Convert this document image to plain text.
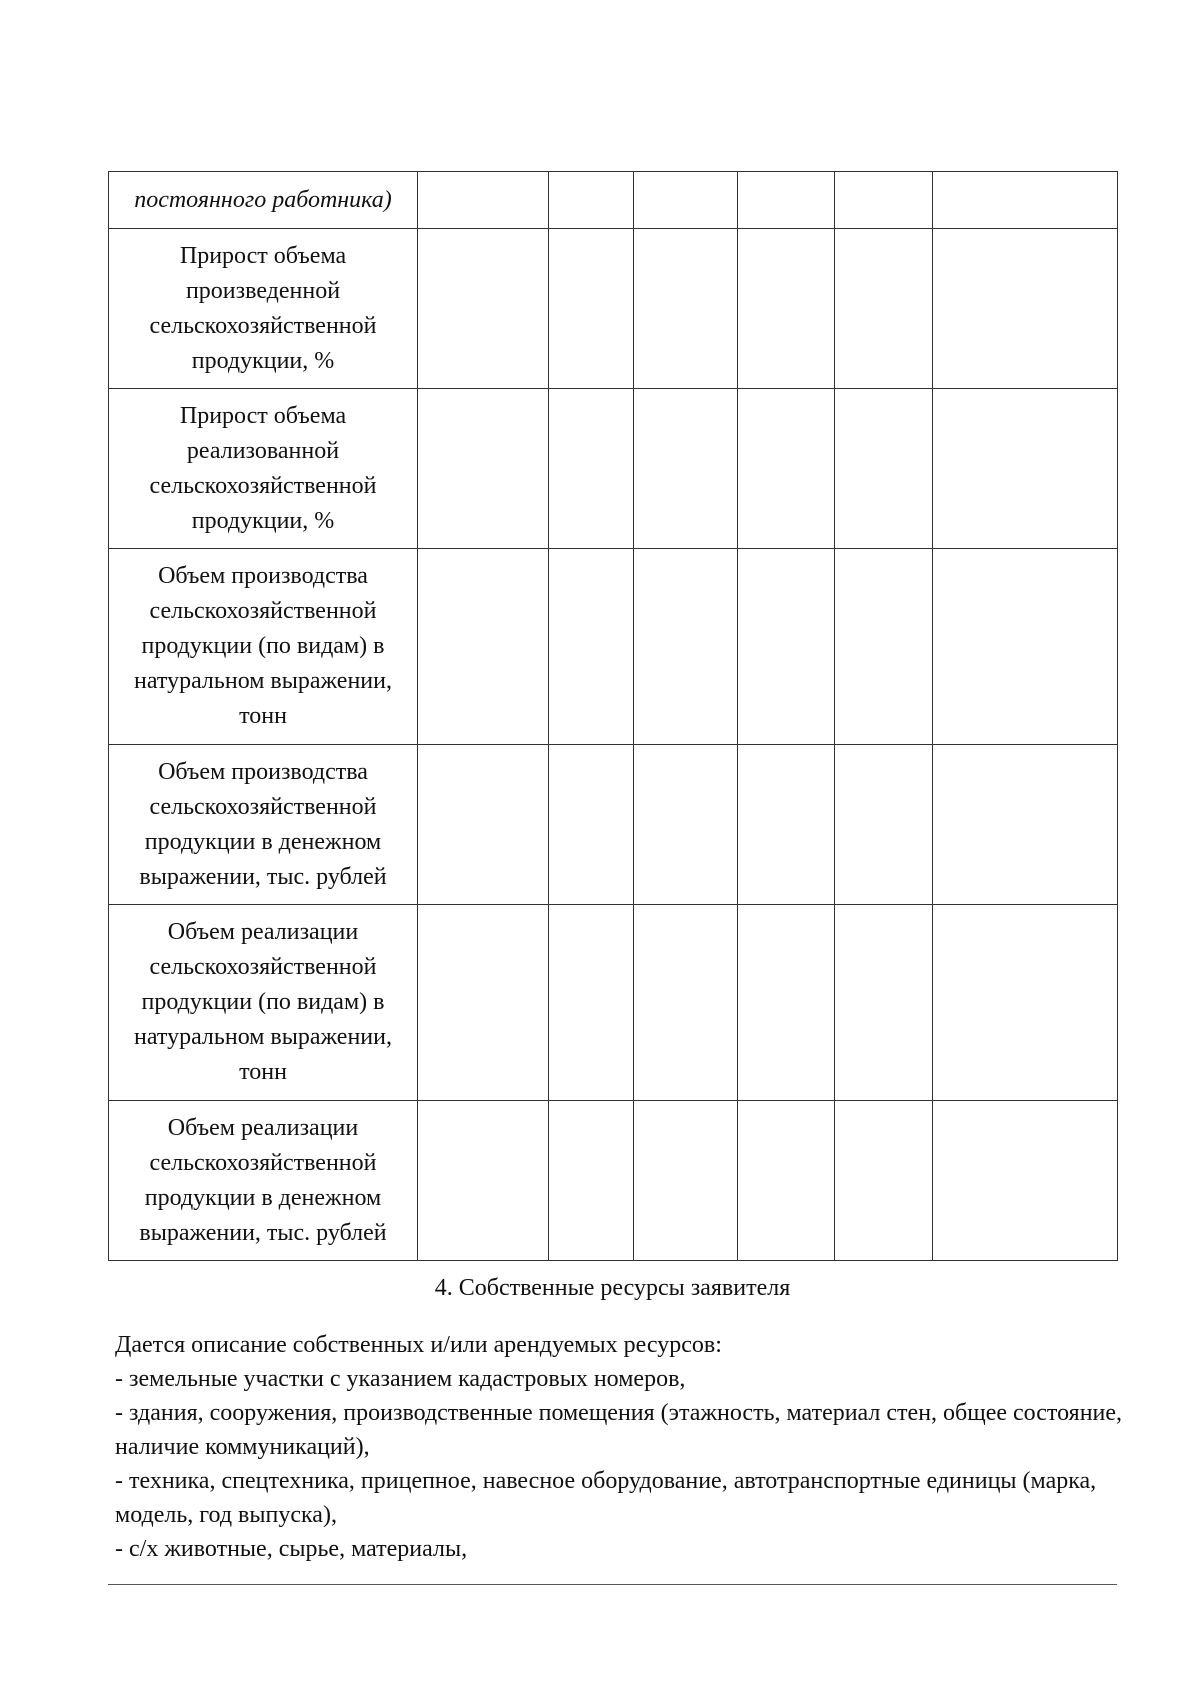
постоянного работника)						
Прирост объема произведенной сельскохозяйственной продукции, %						
Прирост объема реализованной сельскохозяйственной продукции, %						
Объем производства сельскохозяйственной продукции (по видам) в натуральном выражении, тонн						
Объем производства сельскохозяйственной продукции в денежном выражении, тыс. рублей						
Объем реализации сельскохозяйственной продукции (по видам) в натуральном выражении, тонн						
Объем реализации сельскохозяйственной продукции в денежном выражении, тыс. рублей						
4. Собственные ресурсы заявителя

Дается описание собственных и/или арендуемых ресурсов:

- земельные участки с указанием кадастровых номеров,

- здания, сооружения, производственные помещения (этажность, материал стен, общее состояние, наличие коммуникаций),

- техника, спецтехника, прицепное, навесное оборудование, автотранспортные единицы (марка, модель, год выпуска),

- с/х животные, сырье, материалы,
